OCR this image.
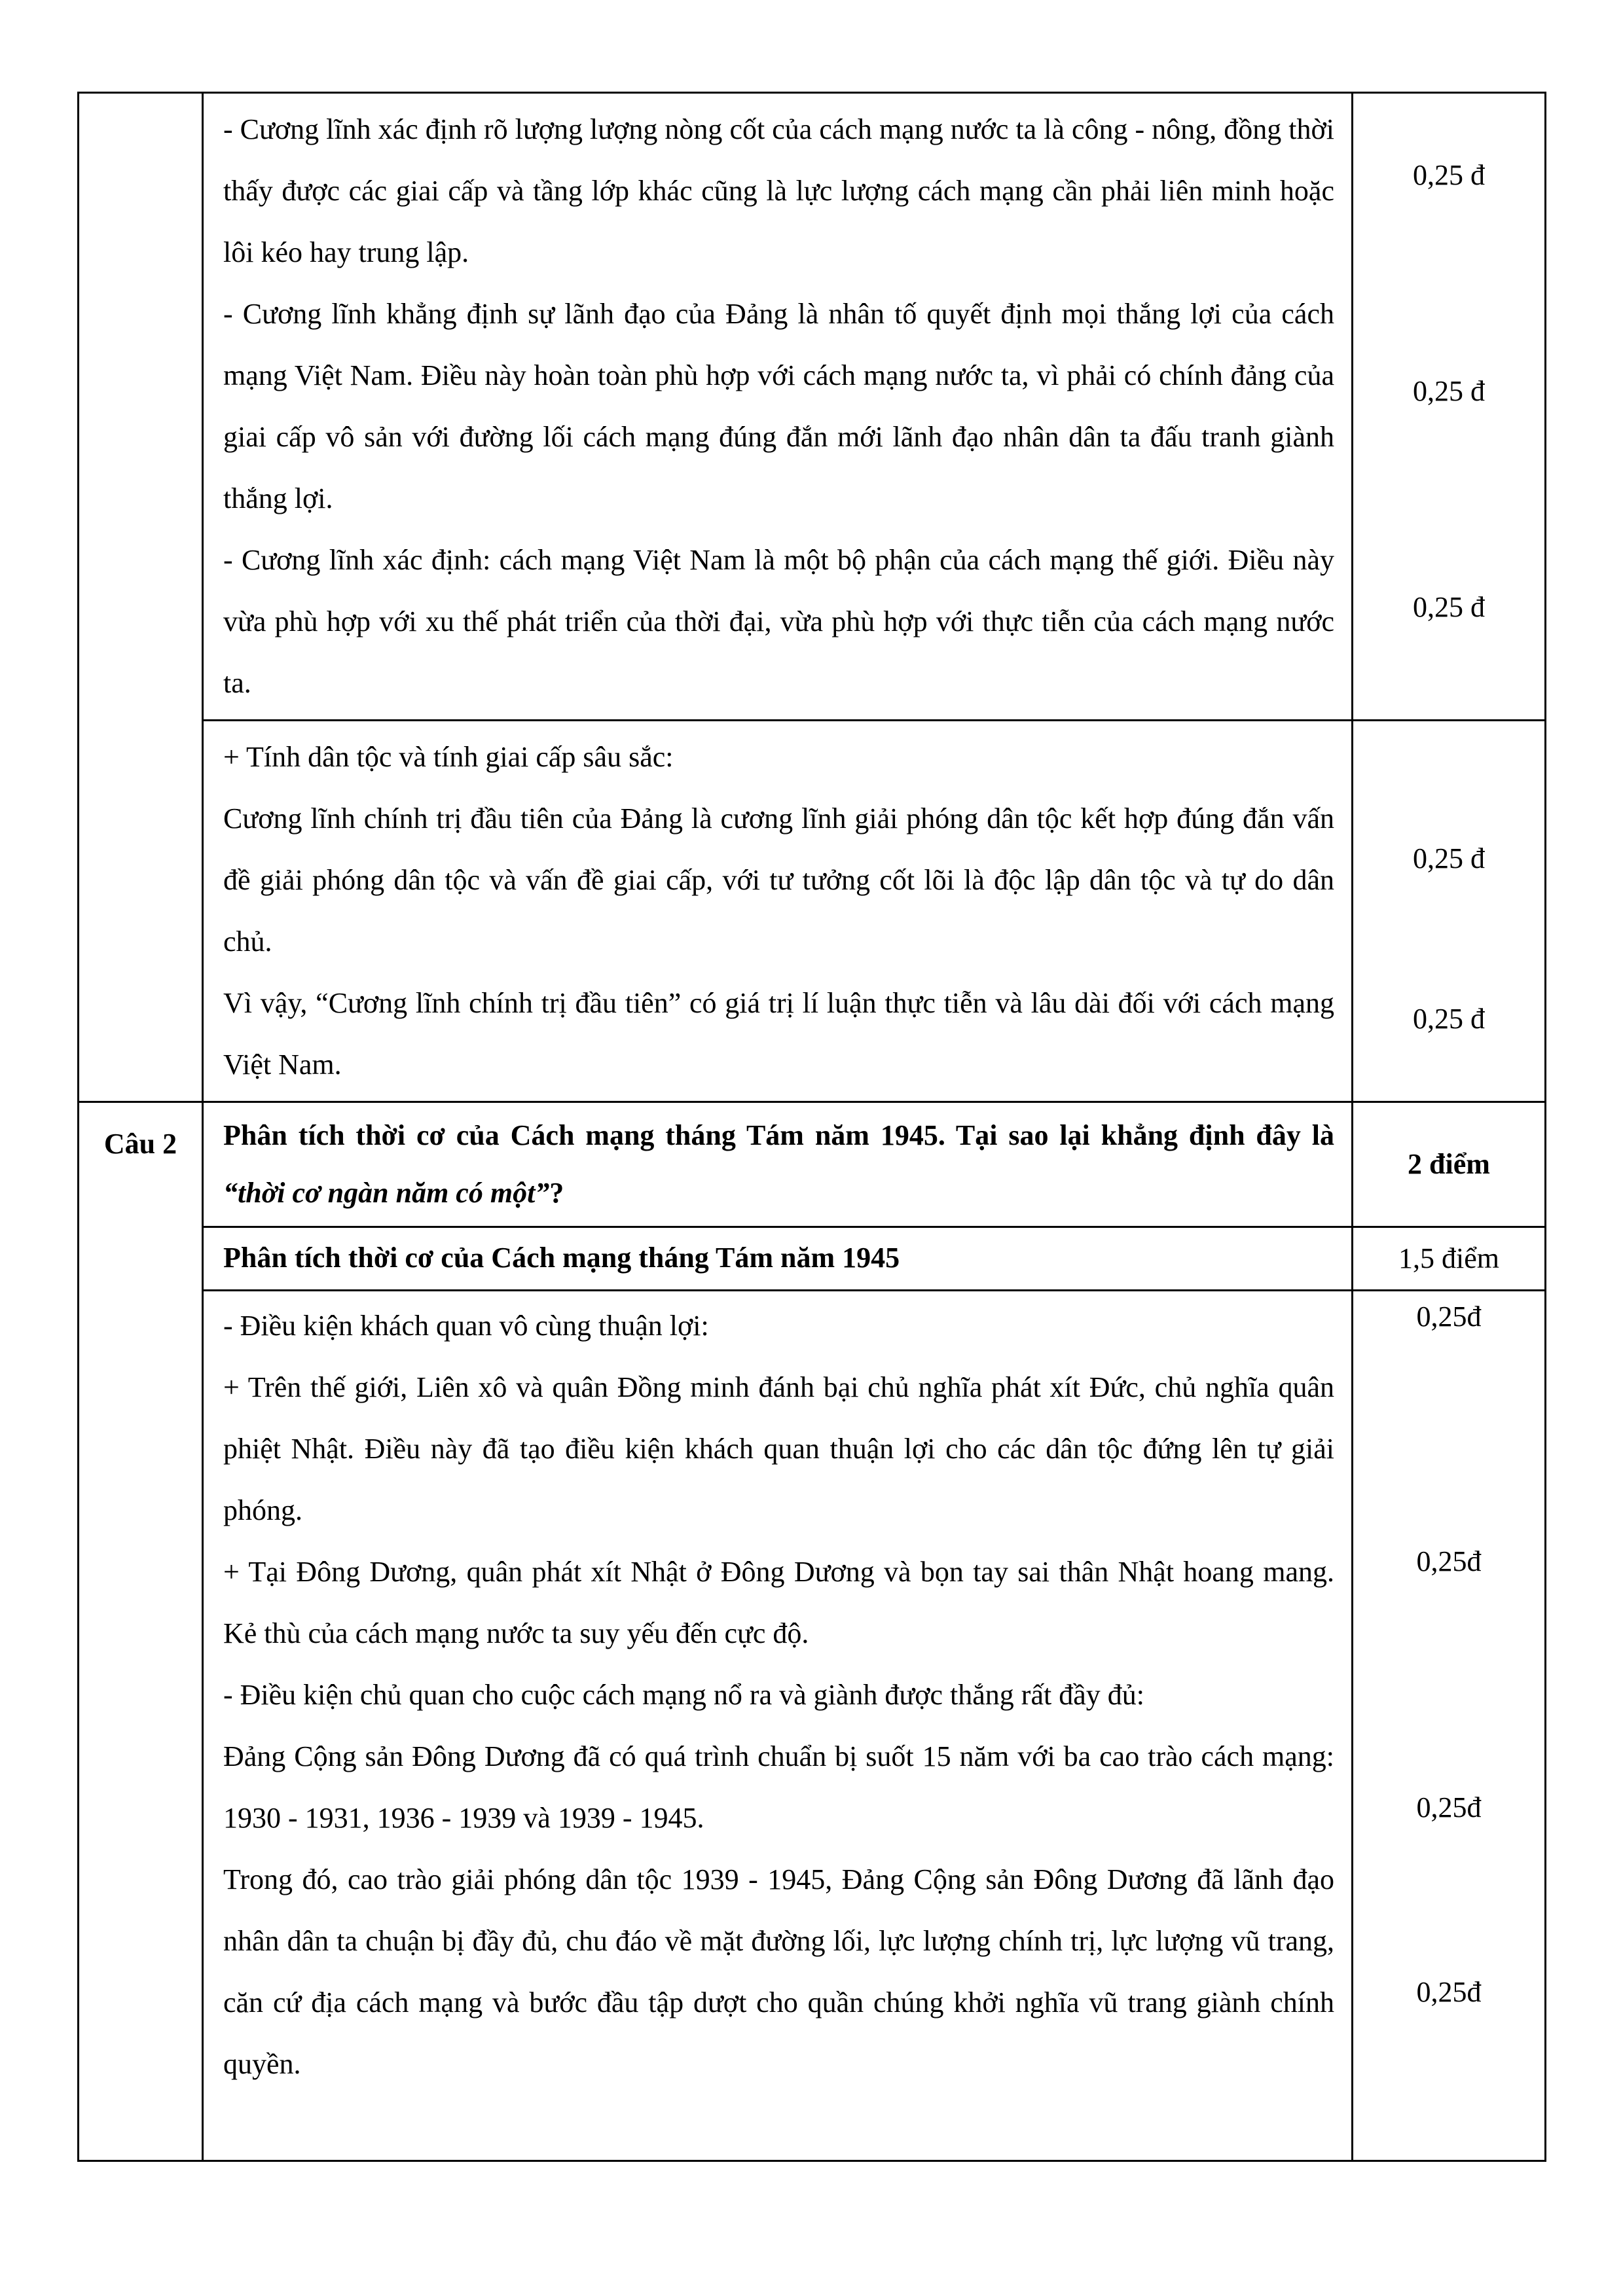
- Cương lĩnh xác định rõ lượng lượng nòng cốt của cách mạng nước ta là công - nông, đồng thời thấy được các giai cấp và tầng lớp khác cũng là lực lượng cách mạng cần phải liên minh hoặc lôi kéo hay trung lập.

- Cương lĩnh khẳng định sự lãnh đạo của Đảng là nhân tố quyết định mọi thắng lợi của cách mạng Việt Nam. Điều này hoàn toàn phù hợp với cách mạng nước ta, vì phải có chính đảng của giai cấp vô sản với đường lối cách mạng đúng đắn mới lãnh đạo nhân dân ta đấu tranh giành thắng lợi.

- Cương lĩnh xác định: cách mạng Việt Nam là một bộ phận của cách mạng thế giới. Điều này vừa phù hợp với xu thế phát triển của thời đại, vừa phù hợp với thực tiễn của cách mạng nước ta.

0,25 đ
0,25 đ
0,25 đ

+ Tính dân tộc và tính giai cấp sâu sắc:

Cương lĩnh chính trị đầu tiên của Đảng là cương lĩnh giải phóng dân tộc kết hợp đúng đắn vấn đề giải phóng dân tộc và vấn đề giai cấp, với tư tưởng cốt lõi là độc lập dân tộc và tự do dân chủ.

Vì vậy, “Cương lĩnh chính trị đầu tiên” có giá trị lí luận thực tiễn và lâu dài đối với cách mạng Việt Nam.

0,25 đ
0,25 đ
Câu 2	Phân tích thời cơ của Cách mạng tháng Tám năm 1945. Tại sao lại khẳng định đây là “thời cơ ngàn năm có một”?

2 điểm

Phân tích thời cơ của Cách mạng tháng Tám năm 1945	1,5 điểm

- Điều kiện khách quan vô cùng thuận lợi:

+ Trên thế giới, Liên xô và quân Đồng minh đánh bại chủ nghĩa phát xít Đức, chủ nghĩa quân phiệt Nhật. Điều này đã tạo điều kiện khách quan thuận lợi cho các dân tộc đứng lên tự giải phóng.

+ Tại Đông Dương, quân phát xít Nhật ở Đông Dương và bọn tay sai thân Nhật hoang mang. Kẻ thù của cách mạng nước ta suy yếu đến cực độ.

- Điều kiện chủ quan cho cuộc cách mạng nổ ra và giành được thắng rất đầy đủ:

Đảng Cộng sản Đông Dương đã có quá trình chuẩn bị suốt 15 năm với ba cao trào cách mạng: 1930 - 1931, 1936 - 1939 và 1939 - 1945.

Trong đó, cao trào giải phóng dân tộc 1939 - 1945, Đảng Cộng sản Đông Dương đã lãnh đạo nhân dân ta chuận bị đầy đủ, chu đáo về mặt đường lối, lực lượng chính trị, lực lượng vũ trang, căn cứ địa cách mạng và bước đầu tập dượt cho quần chúng khởi nghĩa vũ trang giành chính quyền.

0,25đ
0,25đ
0,25đ
0,25đ
